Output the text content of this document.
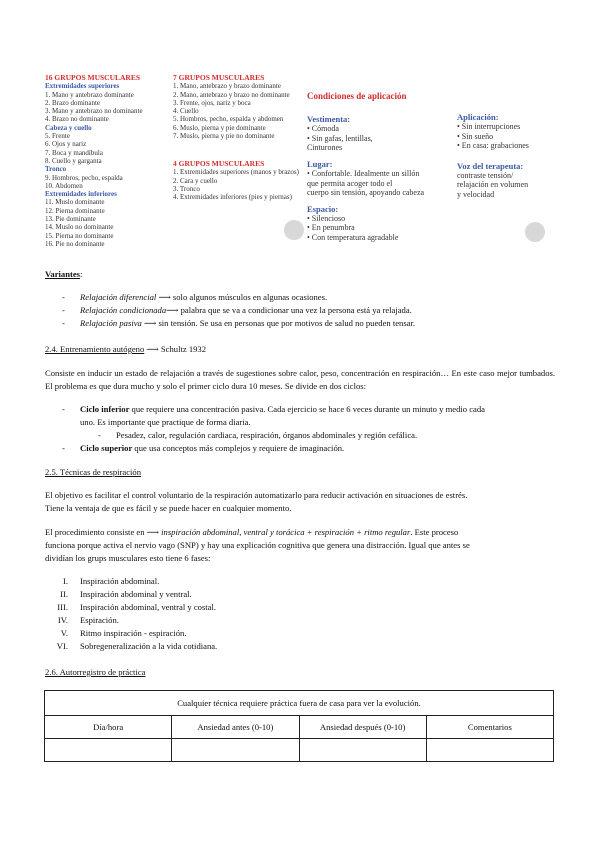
16 GRUPOS MUSCULARES
Extremidades superiores
1. Mano y antebrazo dominante
2. Brazo dominante
3. Mano y antebrazo no dominante
4. Brazo no dominante
Cabeza y cuello
5. Frente
6. Ojos y nariz
7. Boca y mandíbula
8. Cuello y garganta
Tronco
9. Hombros, pecho, espalda
10. Abdomen
Extremidades inferiores
11. Muslo dominante
12. Pierna dominante
13. Pie dominante
14. Muslo no dominante
15. Pierna no dominante
16. Pie no dominante
7 GRUPOS MUSCULARES
1. Mano, antebrazo y brazo dominante
2. Mano, antebrazo y brazo no dominante
3. Frente, ojos, nariz y boca
4. Cuello
5. Hombros, pecho, espalda y abdomen
6. Muslo, pierna y pie dominante
7. Muslo, pierna y pie no dominante
4 GRUPOS MUSCULARES
1. Extremidades superiores (manos y brazos)
2. Cara y cuello
3. Tronco
4. Extremidades inferiores (pies y piernas)
Condiciones de aplicación
Vestimenta:
• Cómoda
• Sin gafas, lentillas,
Cinturones
Lugar:
• Confortable. Idealmente un sillón
que permita acoger todo el
cuerpo sin tensión, apoyando cabeza
Espacio:
• Silencioso
• En penumbra
• Con temperatura agradable
Aplicación:
• Sin interrupciones
• Sin sueño
• En casa: grabaciones
Voz del terapeuta:
contraste tensión/
relajación en volumen
y velocidad
Variantes:
- Relajación diferencial ⟶ solo algunos músculos en algunas ocasiones.
- Relajación condicionada⟶ palabra que se va a condicionar una vez la persona está ya relajada.
- Relajación pasiva ⟶ sin tensión. Se usa en personas que por motivos de salud no pueden tensar.
2.4. Entrenamiento autógeno ⟶ Schultz 1932
Consiste en inducir un estado de relajación a través de sugestiones sobre calor, peso, concentración en respiración… En este caso mejor tumbados. El problema es que dura mucho y solo el primer ciclo dura 10 meses. Se divide en dos ciclos:
- Ciclo inferior que requiere una concentración pasiva. Cada ejercicio se hace 6 veces durante un minuto y medio cada
uno. Es importante que practique de forma diaria.
- Pesadez, calor, regulación cardiaca, respiración, órganos abdominales y región cefálica.
- Ciclo superior que usa conceptos más complejos y requiere de imaginación.
2.5. Técnicas de respiración
El objetivo es facilitar el control voluntario de la respiración automatizarlo para reducir activación en situaciones de estrés.
Tiene la ventaja de que es fácil y se puede hacer en cualquier momento.
El procedimiento consiste en ⟶ inspiración abdominal, ventral y torácica + respiración + ritmo regular. Este proceso
funciona porque activa el nervio vago (SNP) y hay una explicación cognitiva que genera una distracción. Igual que antes se
dividían los grups musculares esto tiene 6 fases:
I. Inspiración abdominal.
II. Inspiración abdominal y ventral.
III. Inspiración abdominal, ventral y costal.
IV. Espiración.
V. Ritmo inspiración - espiración.
VI. Sobregeneralización a la vida cotidiana.
2.6. Autorregistro de práctica
Cualquier técnica requiere práctica fuera de casa para ver la evolución.			
Día/hora	Ansiedad antes (0-10)	Ansiedad después (0-10)	Comentarios
